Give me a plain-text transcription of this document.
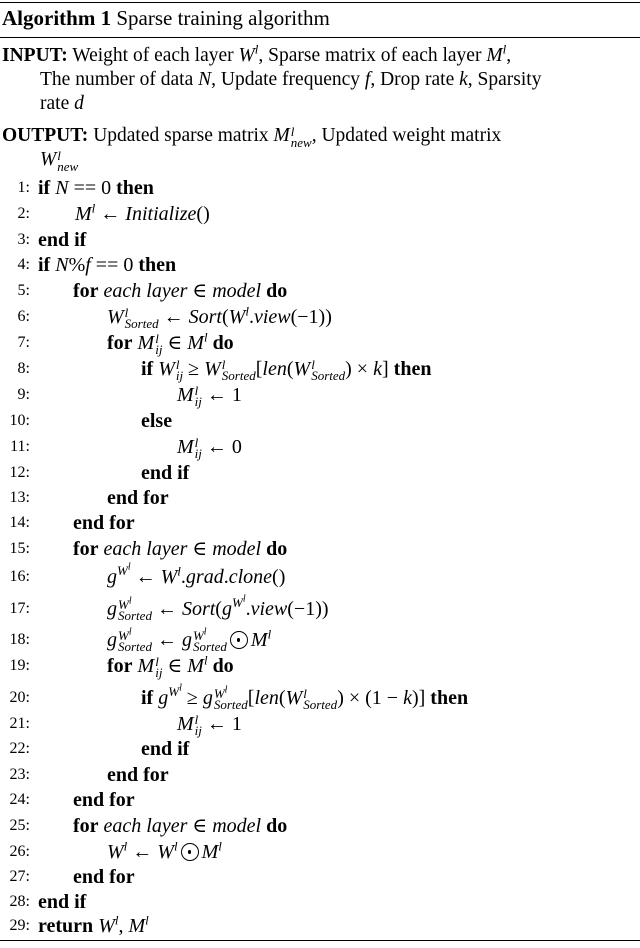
Algorithm 1 Sparse training algorithm
INPUT: Weight of each layer $W^l$, Sparse matrix of each layer $M^l$,
The number of data N, Update frequency f, Drop rate k, Sparsity
rate d
OUTPUT: Updated sparse matrix M l
new , Updated weight matrix
W l
new
1: if N == 0 then
2: $M^l$ ← Initialize()
3: end if
4: if N%f == 0 then
5: for each layer ∈ model do
6:	W l
Sorted ← $Sort(W^l.view(-1))$
7:	for M l
ij ∈ $M^l$ do
8:	if W l
ij ≥ W l
Sorted [len(W l
Sorted ) × k] then
9:	M l
ij ← 1
10:	else
11:	M l
ij ← 0
12:	end if
13:	end for
14: end for
15: for each layer ∈ model do
16:	$g^{W^l}$ ← $W^l.grad.clone()$
17:	g $W^l$
Sorted ← $Sort(g^{W^l}.view(-1))$
18:	g $W^l$
Sorted ← g $W^l$
Sorted $M^l$
19:	for M l
ij ∈ $M^l$ do
20:	if $g^{W^l} \ge g$ $W^l$
Sorted [len(W l
Sorted ) × (1 − k)] then
21:	M l
ij ← 1
22:	end if
23:	end for
24: end for
25: for each layer ∈ model do
26:	$W^l$ ← $W^l$ $M^l$
27: end for
28: end if
29: return $W^l$, $M^l$
